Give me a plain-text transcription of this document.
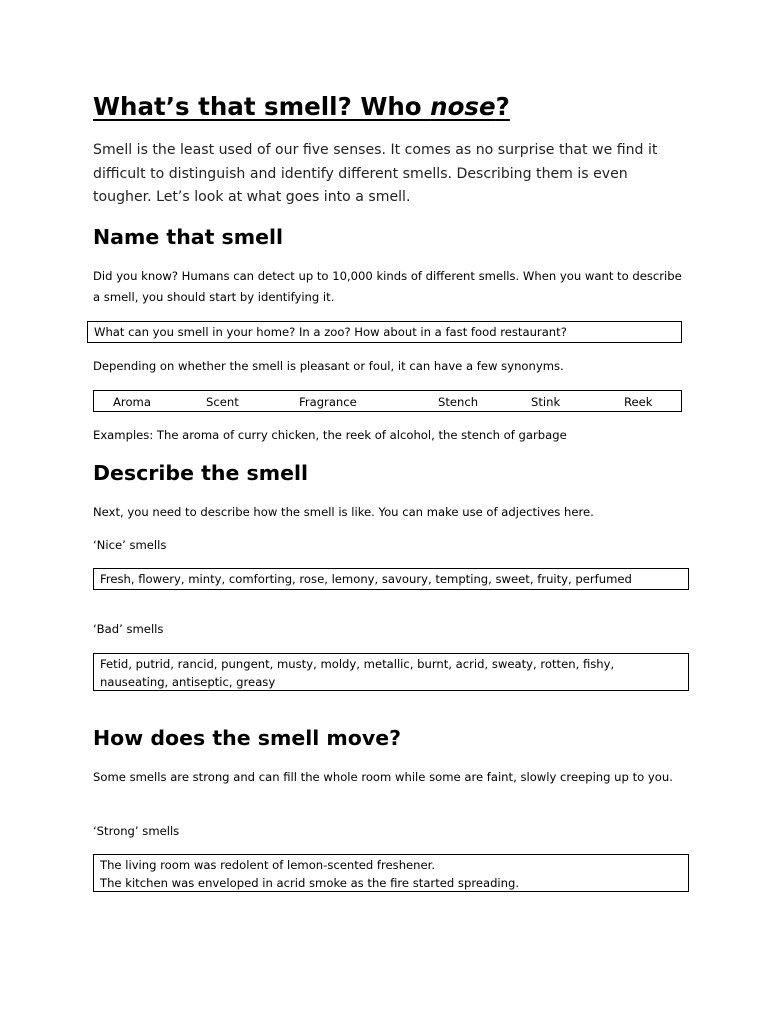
What’s that smell? Who nose?

Smell is the least used of our five senses. It comes as no surprise that we find it difficult to distinguish and identify different smells. Describing them is even tougher. Let’s look at what goes into a smell.

Name that smell

Did you know? Humans can detect up to 10,000 kinds of different smells. When you want to describe a smell, you should start by identifying it.

What can you smell in your home? In a zoo? How about in a fast food restaurant?

Depending on whether the smell is pleasant or foul, it can have a few synonyms.

Aroma	Scent	Fragrance	Stench	Stink	Reek

Examples: The aroma of curry chicken, the reek of alcohol, the stench of garbage

Describe the smell

Next, you need to describe how the smell is like. You can make use of adjectives here.

‘Nice’ smells

Fresh, flowery, minty, comforting, rose, lemony, savoury, tempting, sweet, fruity, perfumed

‘Bad’ smells

Fetid, putrid, rancid, pungent, musty, moldy, metallic, burnt, acrid, sweaty, rotten, fishy, nauseating, antiseptic, greasy
How does the smell move?

Some smells are strong and can fill the whole room while some are faint, slowly creeping up to you.

‘Strong’ smells

The living room was redolent of lemon-scented freshener.
The kitchen was enveloped in acrid smoke as the fire started spreading.
